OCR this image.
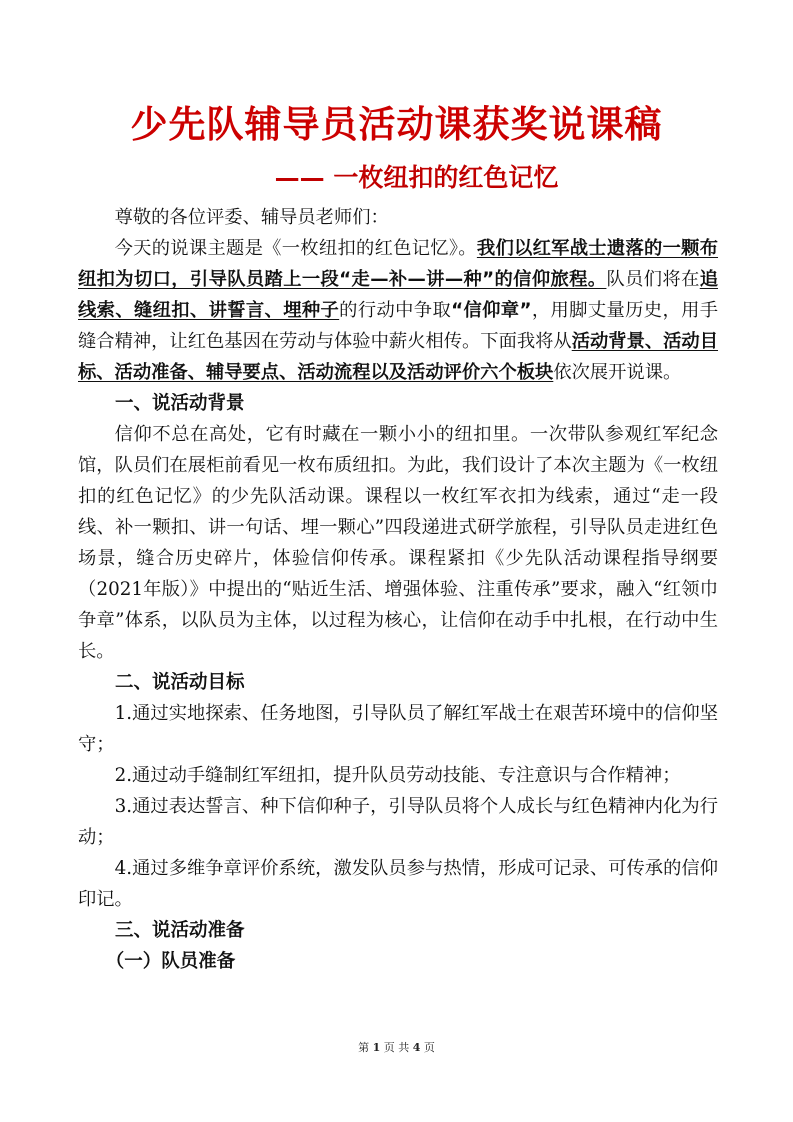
少先队辅导员活动课获奖说课稿
—— 一枚纽扣的红色记忆

尊敬的各位评委、辅导员老师们：

今天的说课主题是《一枚纽扣的红色记忆》。我们以红军战士遗落的一颗布纽扣为切口，引导队员踏上一段“走—补—讲—种”的信仰旅程。队员们将在追线索、缝纽扣、讲誓言、埋种子的行动中争取“信仰章”，用脚丈量历史，用手缝合精神，让红色基因在劳动与体验中薪火相传。下面我将从活动背景、活动目标、活动准备、辅导要点、活动流程以及活动评价六个板块依次展开说课。

一、说活动背景

信仰不总在高处，它有时藏在一颗小小的纽扣里。一次带队参观红军纪念馆，队员们在展柜前看见一枚布质纽扣。为此，我们设计了本次主题为《一枚纽扣的红色记忆》的少先队活动课。课程以一枚红军衣扣为线索，通过“走一段线、补一颗扣、讲一句话、埋一颗心”四段递进式研学旅程，引导队员走进红色场景，缝合历史碎片，体验信仰传承。课程紧扣《少先队活动课程指导纲要（2021年版）》中提出的“贴近生活、增强体验、注重传承”要求，融入“红领巾争章”体系，以队员为主体，以过程为核心，让信仰在动手中扎根，在行动中生长。

二、说活动目标

1.通过实地探索、任务地图，引导队员了解红军战士在艰苦环境中的信仰坚守；

2.通过动手缝制红军纽扣，提升队员劳动技能、专注意识与合作精神；

3.通过表达誓言、种下信仰种子，引导队员将个人成长与红色精神内化为行动；

4.通过多维争章评价系统，激发队员参与热情，形成可记录、可传承的信仰印记。

三、说活动准备

（一）队员准备

第 1 页 共 4 页
